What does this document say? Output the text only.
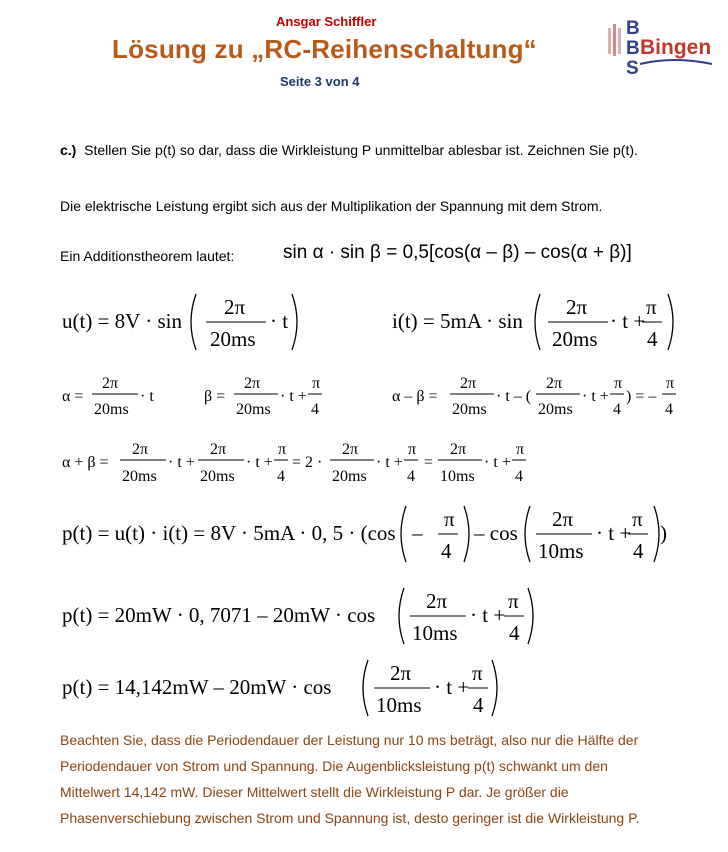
Ansgar Schiffler
Lösung zu „RC-Reihenschaltung“
Seite 3 von 4
B
B
S
Bingen
c.) Stellen Sie p(t) so dar, dass die Wirkleistung P unmittelbar ablesbar ist. Zeichnen Sie p(t).
Die elektrische Leistung ergibt sich aus der Multiplikation der Spannung mit dem Strom.
Ein Additionstheorem lautet:	sin α · sin β = 0,5[cos(α – β) – cos(α + β)]
u(t) = 8V · sin
2π
20ms
· t	i(t) = 5mA · sin
2π
20ms
· t +
π
4
α =
2π
20ms
· t	β =
2π
20ms
· t +
π
4
α – β =
2π
20ms
· t – (
2π
20ms
· t +
π
4
) = –
π
4
α + β =
2π
20ms
· t +
2π
20ms
· t +
π
4
= 2 ·
2π
20ms
· t +
π
4
=
2π
10ms
· t +
π
4
p(t) = u(t) · i(t) = 8V · 5mA · 0, 5 · (cos –
π
4
– cos
2π
10ms
· t +
π
4
)
p(t) = 20mW · 0, 7071 – 20mW · cos
2π
10ms
· t +
π
4
p(t) = 14,142mW – 20mW · cos
2π
10ms
· t +
π
4
Beachten Sie, dass die Periodendauer der Leistung nur 10 ms beträgt, also nur die Hälfte der
Periodendauer von Strom und Spannung. Die Augenblicksleistung p(t) schwankt um den
Mittelwert 14,142 mW. Dieser Mittelwert stellt die Wirkleistung P dar. Je größer die
Phasenverschiebung zwischen Strom und Spannung ist, desto geringer ist die Wirkleistung P.
